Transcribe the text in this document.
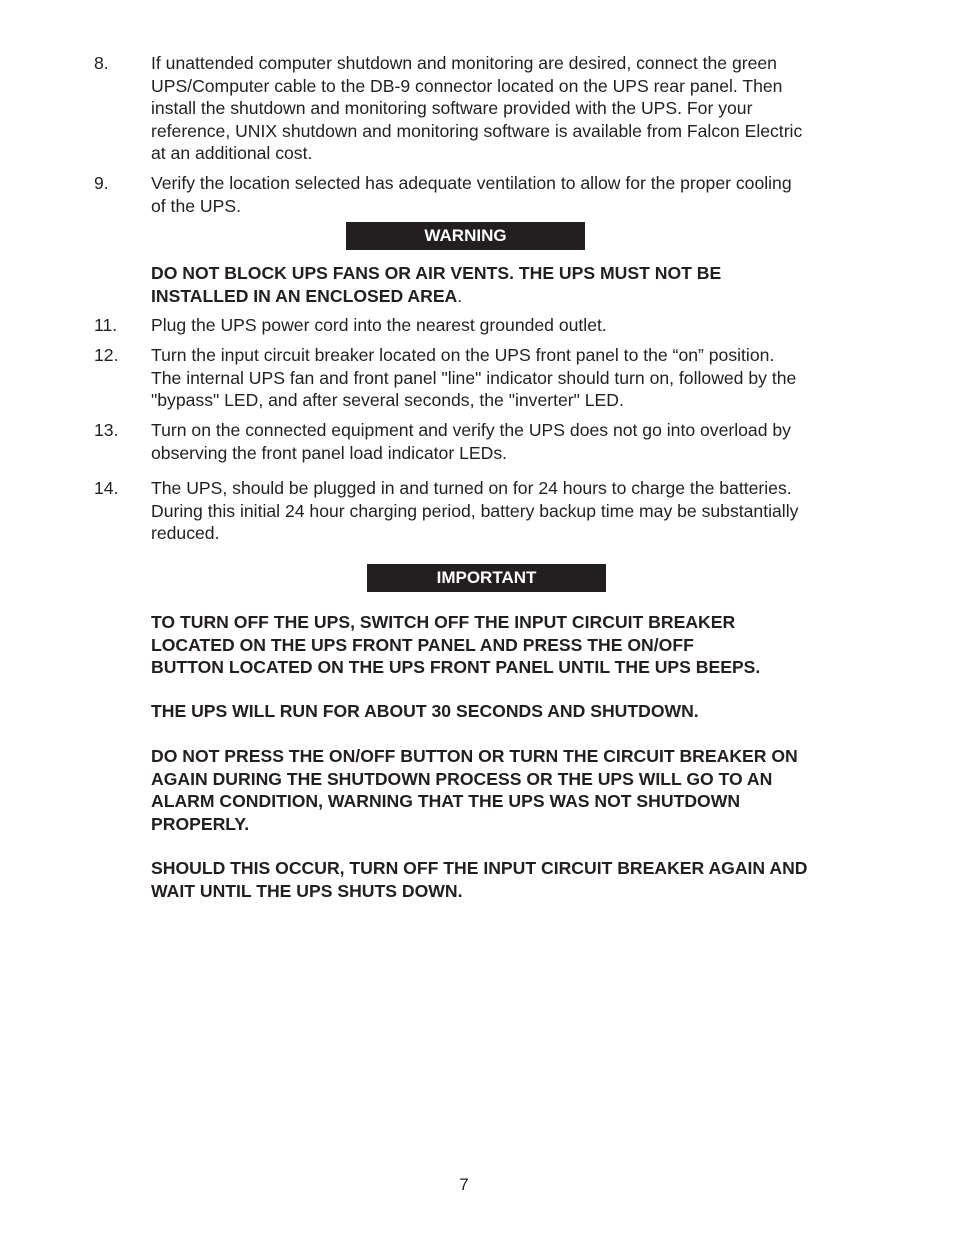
8. If unattended computer shutdown and monitoring are desired, connect the green
UPS/Computer cable to the DB-9 connector located on the UPS rear panel. Then
install the shutdown and monitoring software provided with the UPS. For your
reference, UNIX shutdown and monitoring software is available from Falcon Electric
at an additional cost.
9. Verify the location selected has adequate ventilation to allow for the proper cooling
of the UPS.
WARNING
DO NOT BLOCK UPS FANS OR AIR VENTS. THE UPS MUST NOT BE
INSTALLED IN AN ENCLOSED AREA.
11. Plug the UPS power cord into the nearest grounded outlet.
12. Turn the input circuit breaker located on the UPS front panel to the “on” position.
The internal UPS fan and front panel "line" indicator should turn on, followed by the
"bypass" LED, and after several seconds, the "inverter" LED.
13. Turn on the connected equipment and verify the UPS does not go into overload by
observing the front panel load indicator LEDs.
14. The UPS, should be plugged in and turned on for 24 hours to charge the batteries.
During this initial 24 hour charging period, battery backup time may be substantially
reduced.
IMPORTANT
TO TURN OFF THE UPS, SWITCH OFF THE INPUT CIRCUIT BREAKER
LOCATED ON THE UPS FRONT PANEL AND PRESS THE ON/OFF
BUTTON LOCATED ON THE UPS FRONT PANEL UNTIL THE UPS BEEPS.
THE UPS WILL RUN FOR ABOUT 30 SECONDS AND SHUTDOWN.
DO NOT PRESS THE ON/OFF BUTTON OR TURN THE CIRCUIT BREAKER ON
AGAIN DURING THE SHUTDOWN PROCESS OR THE UPS WILL GO TO AN
ALARM CONDITION, WARNING THAT THE UPS WAS NOT SHUTDOWN
PROPERLY.
SHOULD THIS OCCUR, TURN OFF THE INPUT CIRCUIT BREAKER AGAIN AND
WAIT UNTIL THE UPS SHUTS DOWN.
7
